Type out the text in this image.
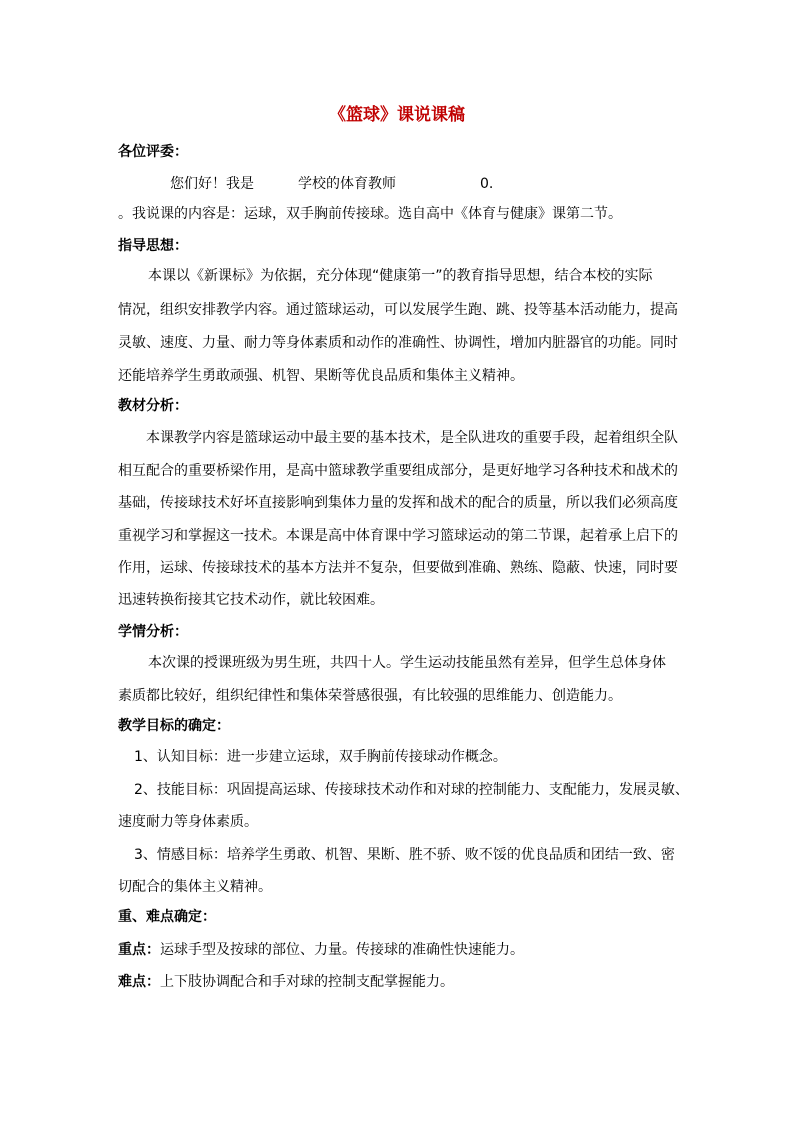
《篮球》课说课稿
各位评委：
您们好！我是	学校的体育教师	0.
。我说课的内容是：运球，双手胸前传接球。选自高中《体育与健康》课第二节。
指导思想：
本课以《新课标》为依据，充分体现“健康第一”的教育指导思想，结合本校的实际
情况，组织安排教学内容。通过篮球运动，可以发展学生跑、跳、投等基本活动能力，提高
灵敏、速度、力量、耐力等身体素质和动作的准确性、协调性，增加内脏器官的功能。同时
还能培养学生勇敢顽强、机智、果断等优良品质和集体主义精神。
教材分析：
本课教学内容是篮球运动中最主要的基本技术，是全队进攻的重要手段，起着组织全队
相互配合的重要桥梁作用，是高中篮球教学重要组成部分，是更好地学习各种技术和战术的
基础，传接球技术好坏直接影响到集体力量的发挥和战术的配合的质量，所以我们必须高度
重视学习和掌握这一技术。本课是高中体育课中学习篮球运动的第二节课，起着承上启下的
作用，运球、传接球技术的基本方法并不复杂，但要做到准确、熟练、隐蔽、快速，同时要
迅速转换衔接其它技术动作，就比较困难。
学情分析：
本次课的授课班级为男生班，共四十人。学生运动技能虽然有差异，但学生总体身体
素质都比较好，组织纪律性和集体荣誉感很强，有比较强的思维能力、创造能力。
教学目标的确定：
1、认知目标：进一步建立运球，双手胸前传接球动作概念。
2、技能目标：巩固提高运球、传接球技术动作和对球的控制能力、支配能力，发展灵敏、
速度耐力等身体素质。
3、情感目标：培养学生勇敢、机智、果断、胜不骄、败不馁的优良品质和团结一致、密
切配合的集体主义精神。
重、难点确定：
重点：运球手型及按球的部位、力量。传接球的准确性快速能力。
难点：上下肢协调配合和手对球的控制支配掌握能力。
